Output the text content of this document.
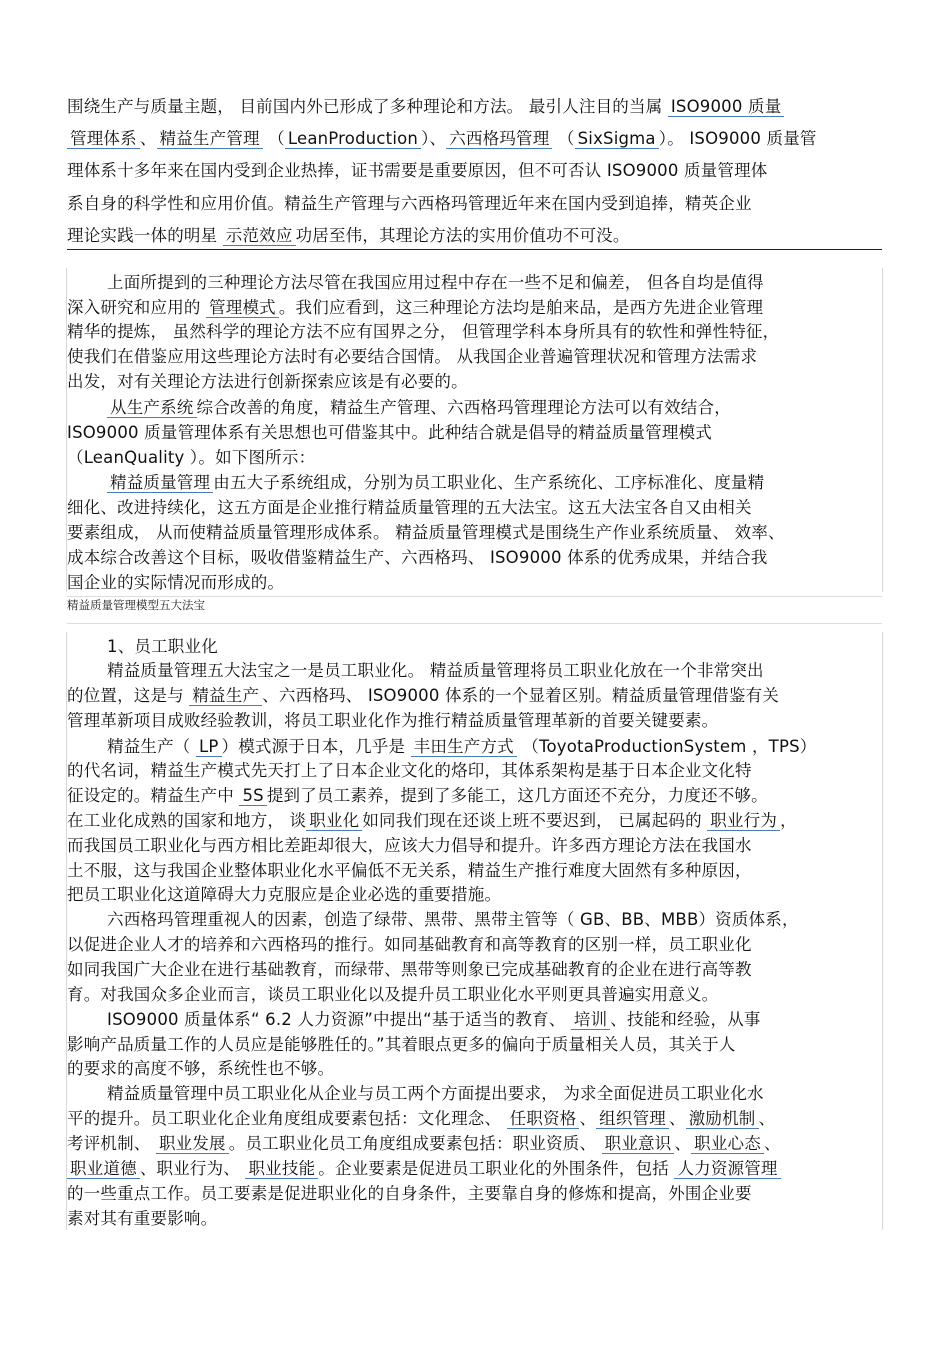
围绕生产与质量主题， 目前国内外已形成了多种理论和方法。 最引人注目的当属 ISO9000 质量
管理体系、 精益生产管理 （ LeanProduction）、 六西格玛管理 （ SixSigma ）。 ISO9000 质量管
理体系十多年来在国内受到企业热捧，证书需要是重要原因，但不可否认 ISO9000 质量管理体
系自身的科学性和应用价值。精益生产管理与六西格玛管理近年来在国内受到追捧，精英企业
理论实践一体的明星 示范效应功居至伟，其理论方法的实用价值功不可没。
上面所提到的三种理论方法尽管在我国应用过程中存在一些不足和偏差， 但各自均是值得
深入研究和应用的 管理模式。我们应看到，这三种理论方法均是舶来品，是西方先进企业管理
精华的提炼， 虽然科学的理论方法不应有国界之分， 但管理学科本身所具有的软性和弹性特征，
使我们在借鉴应用这些理论方法时有必要结合国情。 从我国企业普遍管理状况和管理方法需求
出发，对有关理论方法进行创新探索应该是有必要的。
从生产系统综合改善的角度，精益生产管理、六西格玛管理理论方法可以有效结合，
ISO9000 质量管理体系有关思想也可借鉴其中。此种结合就是倡导的精益质量管理模式
（LeanQuality ）。如下图所示：
精益质量管理由五大子系统组成，分别为员工职业化、生产系统化、工序标准化、度量精
细化、改进持续化，这五方面是企业推行精益质量管理的五大法宝。这五大法宝各自又由相关
要素组成， 从而使精益质量管理形成体系。 精益质量管理模式是围绕生产作业系统质量、 效率、
成本综合改善这个目标，吸收借鉴精益生产、六西格玛、 ISO9000 体系的优秀成果，并结合我
国企业的实际情况而形成的。
精益质量管理模型五大法宝
1、员工职业化
精益质量管理五大法宝之一是员工职业化。 精益质量管理将员工职业化放在一个非常突出
的位置，这是与 精益生产、六西格玛、 ISO9000 体系的一个显着区别。精益质量管理借鉴有关
管理革新项目成败经验教训，将员工职业化作为推行精益质量管理革新的首要关键要素。
精益生产（ LP ）模式源于日本，几乎是 丰田生产方式 （ToyotaProductionSystem ，TPS）
的代名词，精益生产模式先天打上了日本企业文化的烙印，其体系架构是基于日本企业文化特
征设定的。精益生产中 5S 提到了员工素养，提到了多能工，这几方面还不充分，力度还不够。
在工业化成熟的国家和地方， 谈 职业化如同我们现在还谈上班不要迟到， 已属起码的 职业行为，
而我国员工职业化与西方相比差距却很大，应该大力倡导和提升。许多西方理论方法在我国水
土不服，这与我国企业整体职业化水平偏低不无关系，精益生产推行难度大固然有多种原因，
把员工职业化这道障碍大力克服应是企业必选的重要措施。
六西格玛管理重视人的因素，创造了绿带、黑带、黑带主管等（ GB、BB、MBB）资质体系，
以促进企业人才的培养和六西格玛的推行。如同基础教育和高等教育的区别一样，员工职业化
如同我国广大企业在进行基础教育，而绿带、黑带等则象已完成基础教育的企业在进行高等教
育。对我国众多企业而言，谈员工职业化以及提升员工职业化水平则更具普遍实用意义。
ISO9000 质量体系“ 6.2 人力资源”中提出“基于适当的教育、 培训、技能和经验，从事
影响产品质量工作的人员应是能够胜任的。”其着眼点更多的偏向于质量相关人员，其关于人
的要求的高度不够，系统性也不够。
精益质量管理中员工职业化从企业与员工两个方面提出要求， 为求全面促进员工职业化水
平的提升。员工职业化企业角度组成要素包括：文化理念、 任职资格、 组织管理、 激励机制、
考评机制、 职业发展。员工职业化员工角度组成要素包括：职业资质、 职业意识、 职业心态、
职业道德、职业行为、 职业技能。企业要素是促进员工职业化的外围条件，包括 人力资源管理
的一些重点工作。员工要素是促进职业化的自身条件，主要靠自身的修炼和提高，外围企业要
素对其有重要影响。
